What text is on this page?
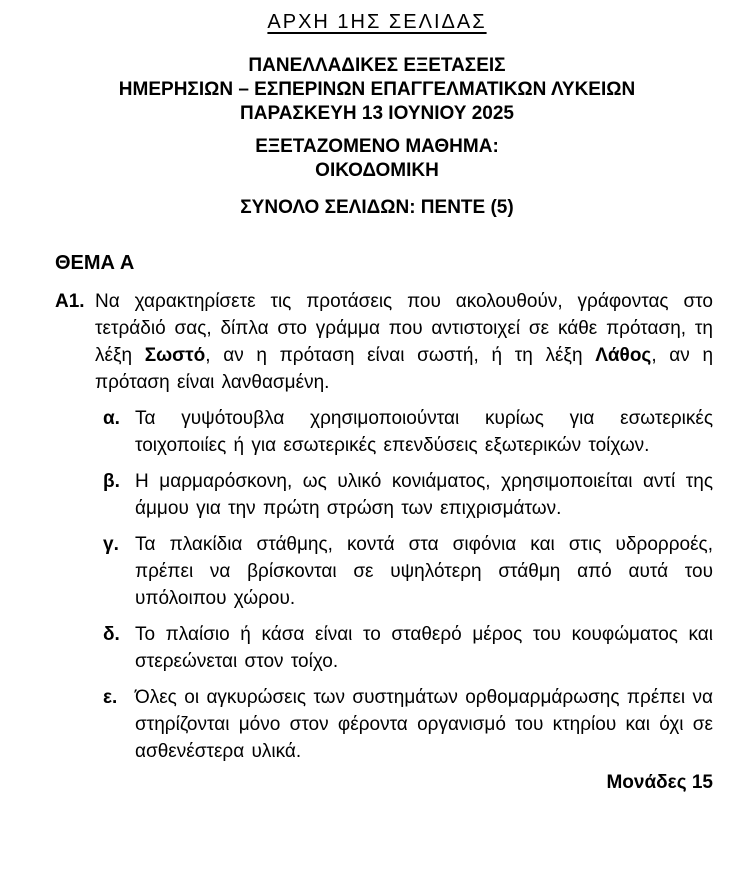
ΑΡΧΗ 1ΗΣ ΣΕΛΙΔΑΣ
ΠΑΝΕΛΛΑΔΙΚΕΣ ΕΞΕΤΑΣΕΙΣ
ΗΜΕΡΗΣΙΩΝ – ΕΣΠΕΡΙΝΩΝ ΕΠΑΓΓΕΛΜΑΤΙΚΩΝ ΛΥΚΕΙΩΝ
ΠΑΡΑΣΚΕΥΗ 13 ΙΟΥΝΙΟΥ 2025
ΕΞΕΤΑΖΟΜΕΝΟ ΜΑΘΗΜΑ:
ΟΙΚΟΔΟΜΙΚΗ
ΣΥΝΟΛΟ ΣΕΛΙΔΩΝ: ΠΕΝΤΕ (5)
ΘΕΜΑ Α
Α1. Να χαρακτηρίσετε τις προτάσεις που ακολουθούν, γράφοντας στο τετράδιό σας, δίπλα στο γράμμα που αντιστοιχεί σε κάθε πρόταση, τη λέξη Σωστό, αν η πρόταση είναι σωστή, ή τη λέξη Λάθος, αν η πρόταση είναι λανθασμένη.
α. Τα γυψότουβλα χρησιμοποιούνται κυρίως για εσωτερικές τοιχοποιίες ή για εσωτερικές επενδύσεις εξωτερικών τοίχων.
β. Η μαρμαρόσκονη, ως υλικό κονιάματος, χρησιμοποιείται αντί της άμμου για την πρώτη στρώση των επιχρισμάτων.
γ. Τα πλακίδια στάθμης, κοντά στα σιφόνια και στις υδρορροές, πρέπει να βρίσκονται σε υψηλότερη στάθμη από αυτά του υπόλοιπου χώρου.
δ. Το πλαίσιο ή κάσα είναι το σταθερό μέρος του κουφώματος και στερεώνεται στον τοίχο.
ε. Όλες οι αγκυρώσεις των συστημάτων ορθομαρμάρωσης πρέπει να στηρίζονται μόνο στον φέροντα οργανισμό του κτηρίου και όχι σε ασθενέστερα υλικά.
Μονάδες 15
